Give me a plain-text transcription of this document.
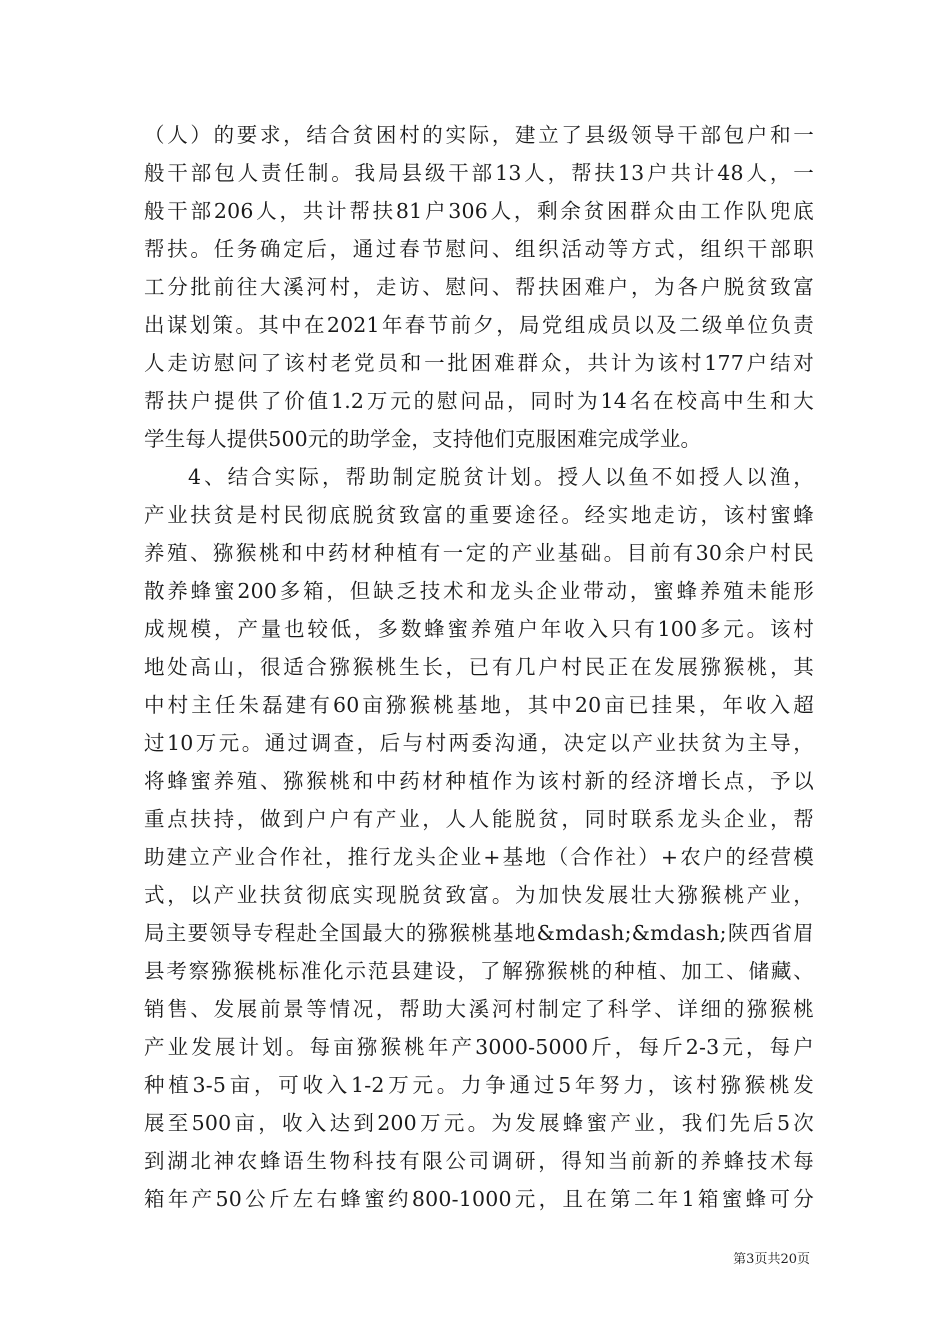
（人）的要求，结合贫困村的实际，建立了县级领导干部包户和一
般干部包人责任制。我局县级干部13人，帮扶13户共计48人，一
般干部206人，共计帮扶81户306人，剩余贫困群众由工作队兜底
帮扶。任务确定后，通过春节慰问、组织活动等方式，组织干部职
工分批前往大溪河村，走访、慰问、帮扶困难户，为各户脱贫致富
出谋划策。其中在2021年春节前夕，局党组成员以及二级单位负责
人走访慰问了该村老党员和一批困难群众，共计为该村177户结对
帮扶户提供了价值1.2万元的慰问品，同时为14名在校高中生和大
学生每人提供500元的助学金，支持他们克服困难完成学业。
4、结合实际，帮助制定脱贫计划。授人以鱼不如授人以渔，
产业扶贫是村民彻底脱贫致富的重要途径。经实地走访，该村蜜蜂
养殖、猕猴桃和中药材种植有一定的产业基础。目前有30余户村民
散养蜂蜜200多箱，但缺乏技术和龙头企业带动，蜜蜂养殖未能形
成规模，产量也较低，多数蜂蜜养殖户年收入只有100多元。该村
地处高山，很适合猕猴桃生长，已有几户村民正在发展猕猴桃，其
中村主任朱磊建有60亩猕猴桃基地，其中20亩已挂果，年收入超
过10万元。通过调查，后与村两委沟通，决定以产业扶贫为主导，
将蜂蜜养殖、猕猴桃和中药材种植作为该村新的经济增长点，予以
重点扶持，做到户户有产业，人人能脱贫，同时联系龙头企业，帮
助建立产业合作社，推行龙头企业+基地（合作社）+农户的经营模
式，以产业扶贫彻底实现脱贫致富。为加快发展壮大猕猴桃产业，
局主要领导专程赴全国最大的猕猴桃基地&mdash;&mdash;陕西省眉
县考察猕猴桃标准化示范县建设，了解猕猴桃的种植、加工、储藏、
销售、发展前景等情况，帮助大溪河村制定了科学、详细的猕猴桃
产业发展计划。每亩猕猴桃年产3000-5000斤，每斤2-3元，每户
种植3-5亩，可收入1-2万元。力争通过5年努力，该村猕猴桃发
展至500亩，收入达到200万元。为发展蜂蜜产业，我们先后5次
到湖北神农蜂语生物科技有限公司调研，得知当前新的养蜂技术每
箱年产50公斤左右蜂蜜约800-1000元，且在第二年1箱蜜蜂可分
第3页共20页
